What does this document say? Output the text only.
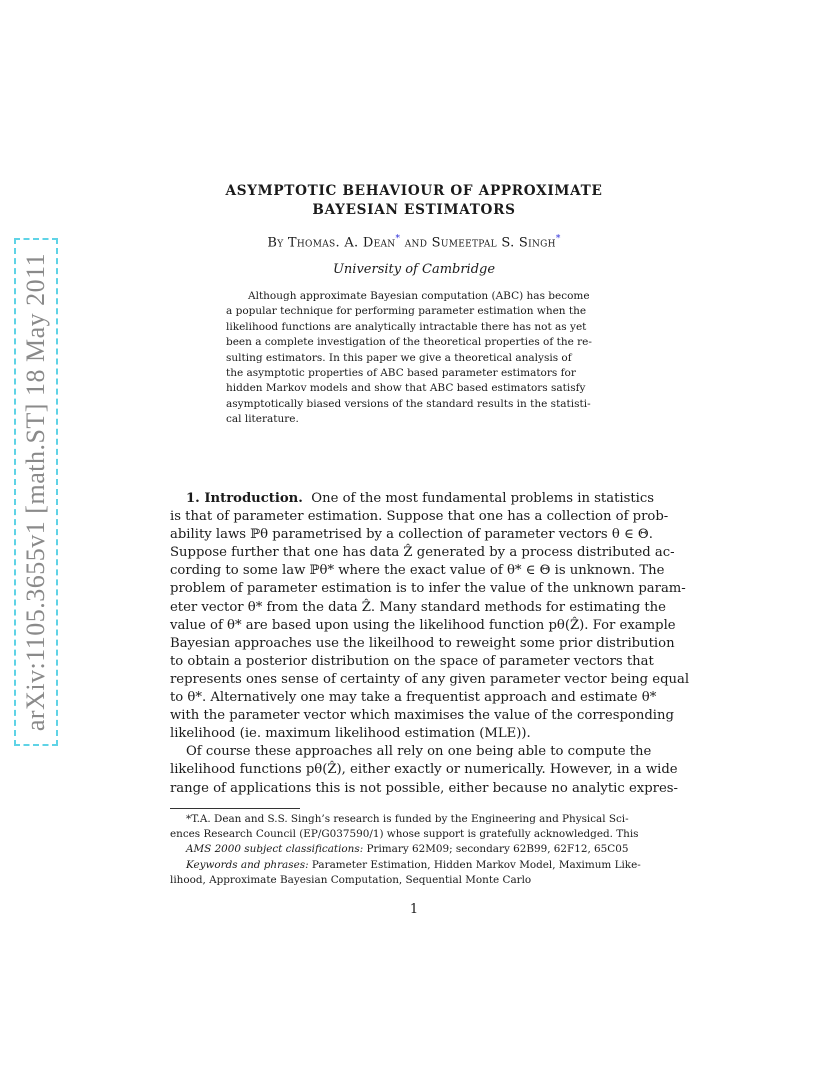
arXiv:1105.3655v1 [math.ST] 18 May 2011
ASYMPTOTIC BEHAVIOUR OF APPROXIMATE
BAYESIAN ESTIMATORS
By Thomas. A. Dean* and Sumeetpal S. Singh*
University of Cambridge
Although approximate Bayesian computation (ABC) has become
a popular technique for performing parameter estimation when the
likelihood functions are analytically intractable there has not as yet
been a complete investigation of the theoretical properties of the re-
sulting estimators. In this paper we give a theoretical analysis of
the asymptotic properties of ABC based parameter estimators for
hidden Markov models and show that ABC based estimators satisfy
asymptotically biased versions of the standard results in the statisti-
cal literature.
1. Introduction. One of the most fundamental problems in statistics
is that of parameter estimation. Suppose that one has a collection of prob-
ability laws ℙθ parametrised by a collection of parameter vectors θ ∈ Θ.
Suppose further that one has data Ẑ generated by a process distributed ac-
cording to some law ℙθ* where the exact value of θ* ∈ Θ is unknown. The
problem of parameter estimation is to infer the value of the unknown param-
eter vector θ* from the data Ẑ. Many standard methods for estimating the
value of θ* are based upon using the likelihood function pθ(Ẑ). For example
Bayesian approaches use the likeilhood to reweight some prior distribution
to obtain a posterior distribution on the space of parameter vectors that
represents ones sense of certainty of any given parameter vector being equal
to θ*. Alternatively one may take a frequentist approach and estimate θ*
with the parameter vector which maximises the value of the corresponding
likelihood (ie. maximum likelihood estimation (MLE)).
Of course these approaches all rely on one being able to compute the
likelihood functions pθ(Ẑ), either exactly or numerically. However, in a wide
range of applications this is not possible, either because no analytic expres-
*T.A. Dean and S.S. Singh’s research is funded by the Engineering and Physical Sci-
ences Research Council (EP/G037590/1) whose support is gratefully acknowledged. This
AMS 2000 subject classifications: Primary 62M09; secondary 62B99, 62F12, 65C05
Keywords and phrases: Parameter Estimation, Hidden Markov Model, Maximum Like-
lihood, Approximate Bayesian Computation, Sequential Monte Carlo
1
